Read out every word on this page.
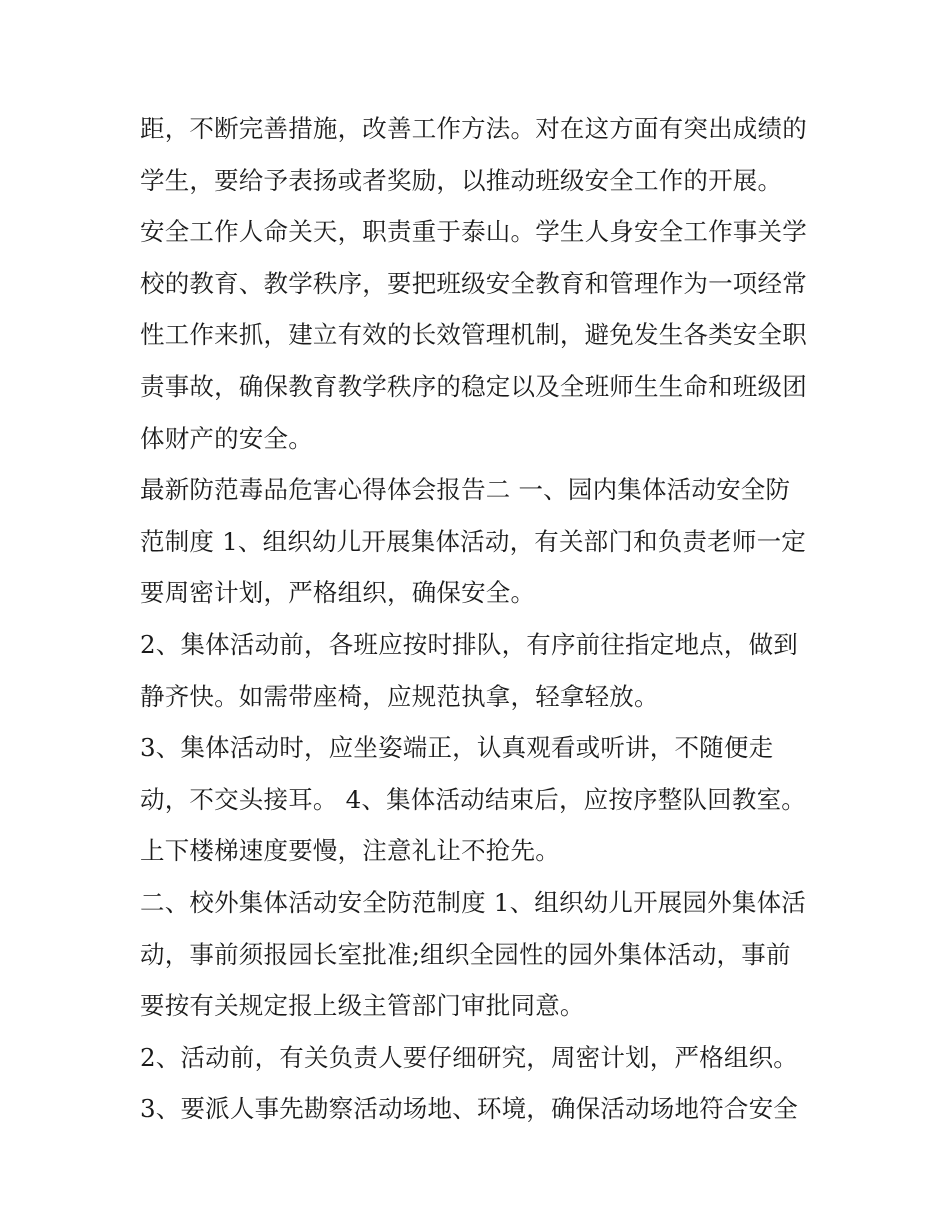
距，不断完善措施，改善工作方法。对在这方面有突出成绩的
学生，要给予表扬或者奖励，以推动班级安全工作的开展。
安全工作人命关天，职责重于泰山。学生人身安全工作事关学
校的教育、教学秩序，要把班级安全教育和管理作为一项经常
性工作来抓，建立有效的长效管理机制，避免发生各类安全职
责事故，确保教育教学秩序的稳定以及全班师生生命和班级团
体财产的安全。
最新防范毒品危害心得体会报告二 一、园内集体活动安全防
范制度 1、组织幼儿开展集体活动，有关部门和负责老师一定
要周密计划，严格组织，确保安全。
2、集体活动前，各班应按时排队，有序前往指定地点，做到
静齐快。如需带座椅，应规范执拿，轻拿轻放。
3、集体活动时，应坐姿端正，认真观看或听讲，不随便走
动，不交头接耳。 4、集体活动结束后，应按序整队回教室。
上下楼梯速度要慢，注意礼让不抢先。
二、校外集体活动安全防范制度 1、组织幼儿开展园外集体活
动，事前须报园长室批准;组织全园性的园外集体活动，事前
要按有关规定报上级主管部门审批同意。
2、活动前，有关负责人要仔细研究，周密计划，严格组织。
3、要派人事先勘察活动场地、环境，确保活动场地符合安全
